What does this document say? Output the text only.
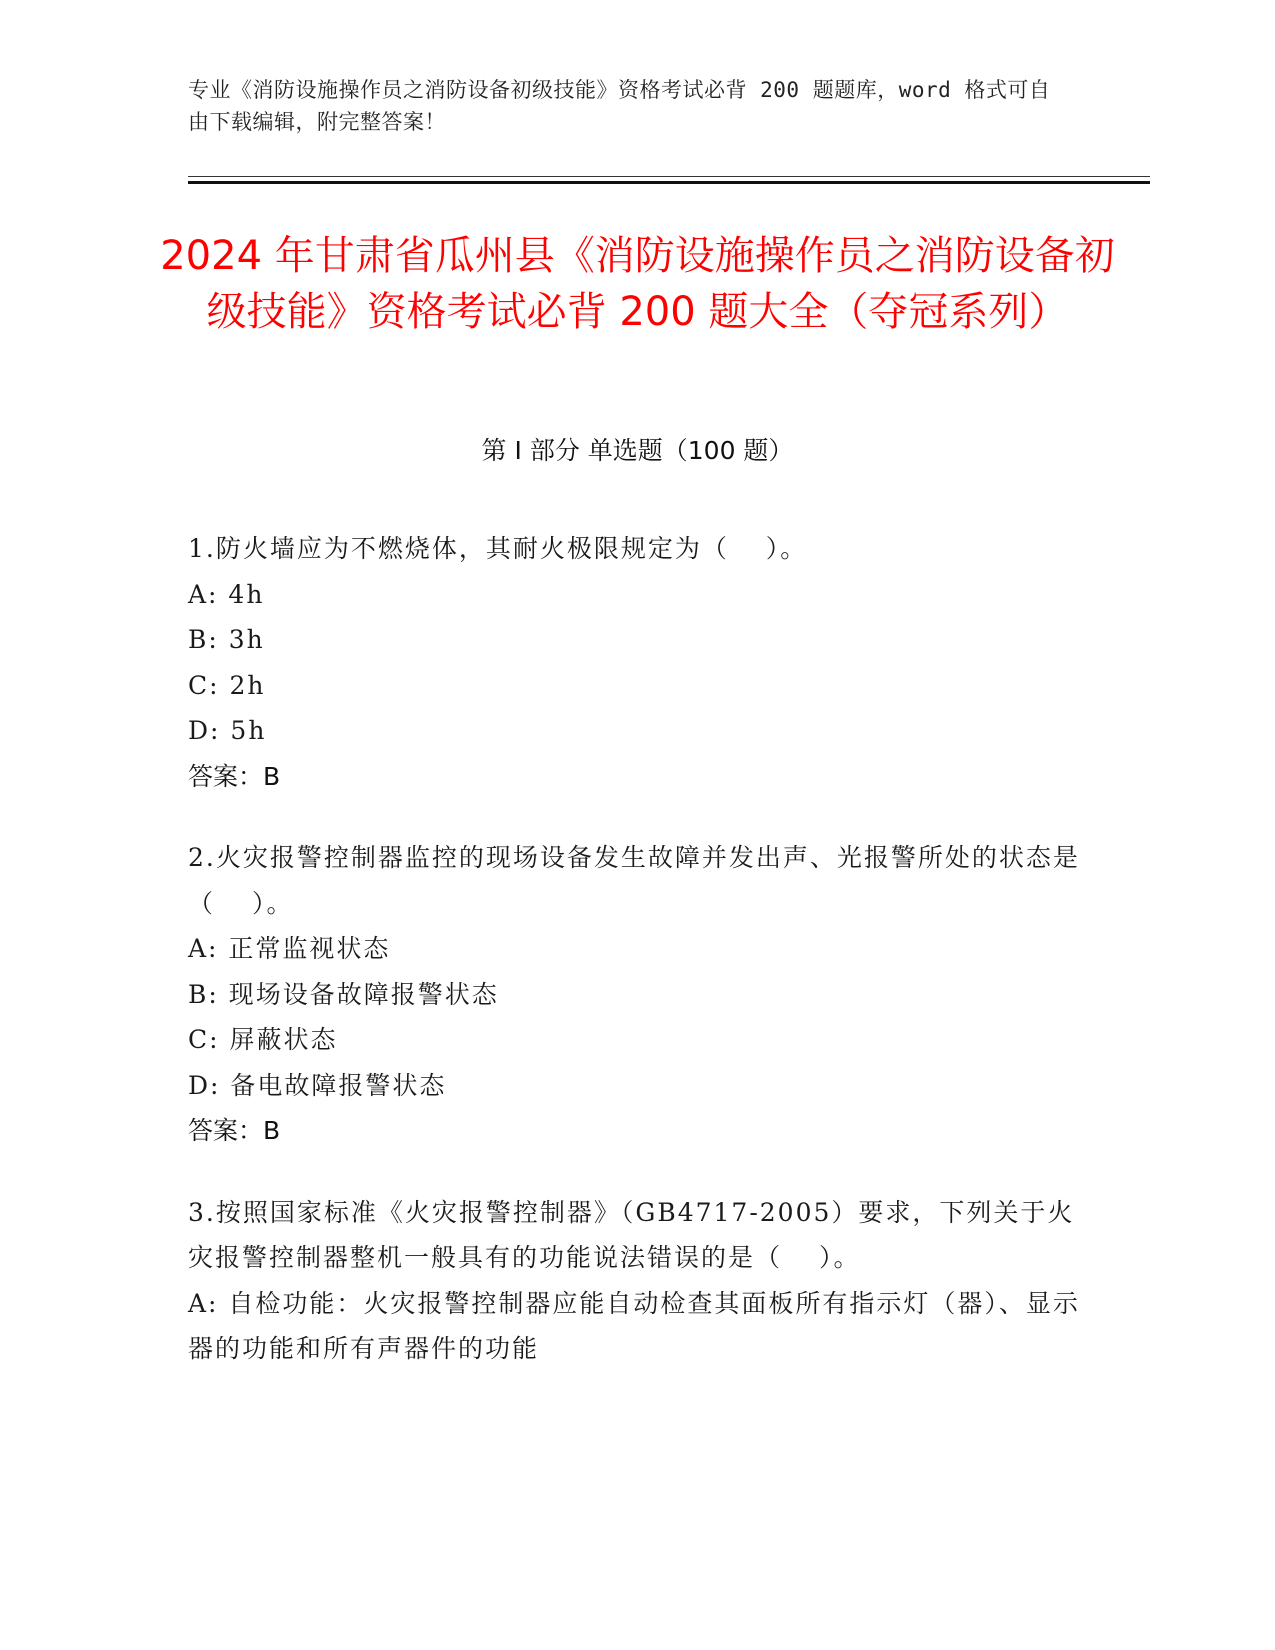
专业《消防设施操作员之消防设备初级技能》资格考试必背 200 题题库，word 格式可自由下载编辑，附完整答案！
2024 年甘肃省瓜州县《消防设施操作员之消防设备初级技能》资格考试必背 200 题大全（夺冠系列）
第 I 部分 单选题（100 题）

1.防火墙应为不燃烧体，其耐火极限规定为（　 ）。

A: 4h

B: 3h

C: 2h

D: 5h

答案：B

2.火灾报警控制器监控的现场设备发生故障并发出声、光报警所处的状态是（　 ）。

A: 正常监视状态

B: 现场设备故障报警状态

C: 屏蔽状态

D: 备电故障报警状态

答案：B

3.按照国家标准《火灾报警控制器》（GB4717-2005）要求，下列关于火灾报警控制器整机一般具有的功能说法错误的是（　 ）。

A: 自检功能：火灾报警控制器应能自动检查其面板所有指示灯（器）、显示器的功能和所有声器件的功能
